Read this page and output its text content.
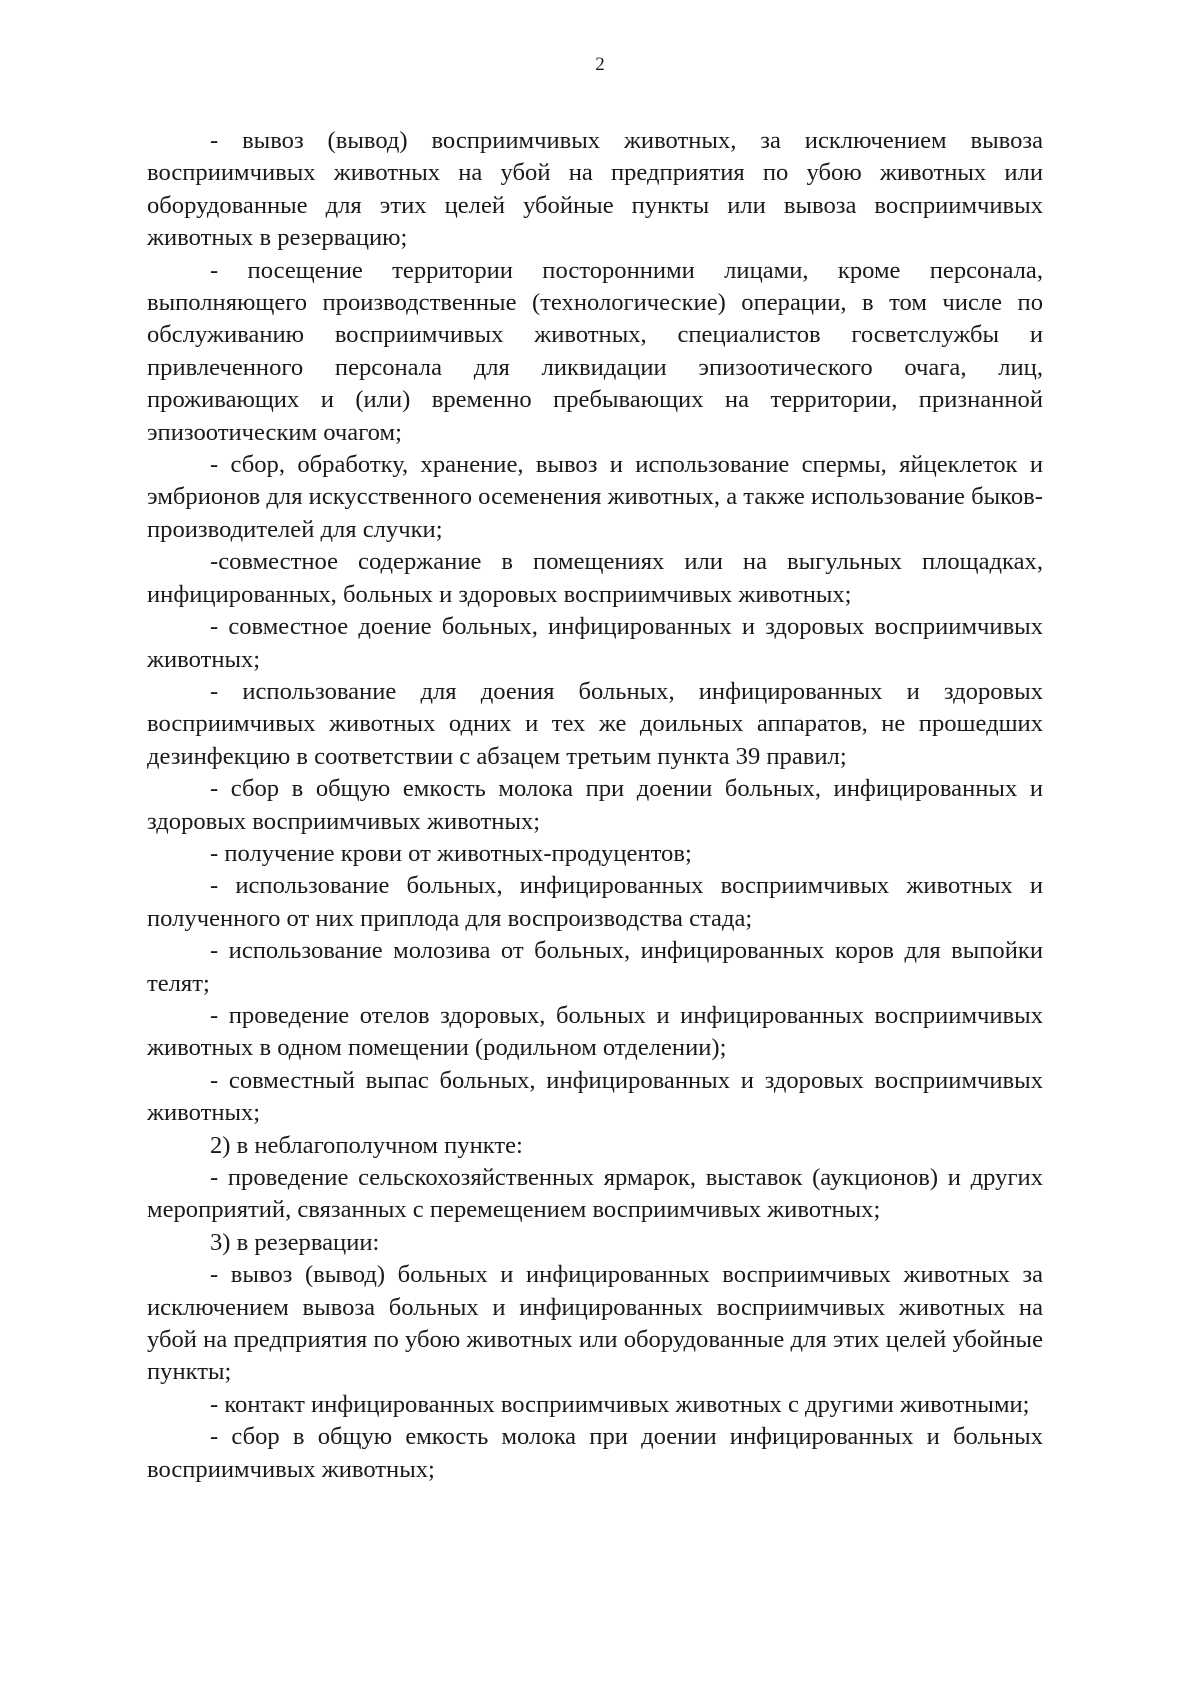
2

- вывоз (вывод) восприимчивых животных, за исключением вывоза восприимчивых животных на убой на предприятия по убою животных или оборудованные для этих целей убойные пункты или вывоза восприимчивых животных в резервацию;

- посещение территории посторонними лицами, кроме персонала, выполняющего производственные (технологические) операции, в том числе по обслуживанию восприимчивых животных, специалистов госветслужбы и привлеченного персонала для ликвидации эпизоотического очага, лиц, проживающих и (или) временно пребывающих на территории, признанной эпизоотическим очагом;

- сбор, обработку, хранение, вывоз и использование спермы, яйцеклеток и эмбрионов для искусственного осеменения животных, а также использование быков-производителей для случки;

-совместное содержание в помещениях или на выгульных площадках, инфицированных, больных и здоровых восприимчивых животных;

- совместное доение больных, инфицированных и здоровых восприимчивых животных;

- использование для доения больных, инфицированных и здоровых восприимчивых животных одних и тех же доильных аппаратов, не прошедших дезинфекцию в соответствии с абзацем третьим пункта 39 правил;

- сбор в общую емкость молока при доении больных, инфицированных и здоровых восприимчивых животных;

- получение крови от животных-продуцентов;

- использование больных, инфицированных восприимчивых животных и полученного от них приплода для воспроизводства стада;

- использование молозива от больных, инфицированных коров для выпойки телят;

- проведение отелов здоровых, больных и инфицированных восприимчивых животных в одном помещении (родильном отделении);

- совместный выпас больных, инфицированных и здоровых восприимчивых животных;

2) в неблагополучном пункте:

- проведение сельскохозяйственных ярмарок, выставок (аукционов) и других мероприятий, связанных с перемещением восприимчивых животных;

3) в резервации:

- вывоз (вывод) больных и инфицированных восприимчивых животных за исключением вывоза больных и инфицированных восприимчивых животных на убой на предприятия по убою животных или оборудованные для этих целей убойные пункты;

- контакт инфицированных восприимчивых животных с другими животными;

- сбор в общую емкость молока при доении инфицированных и больных восприимчивых животных;
